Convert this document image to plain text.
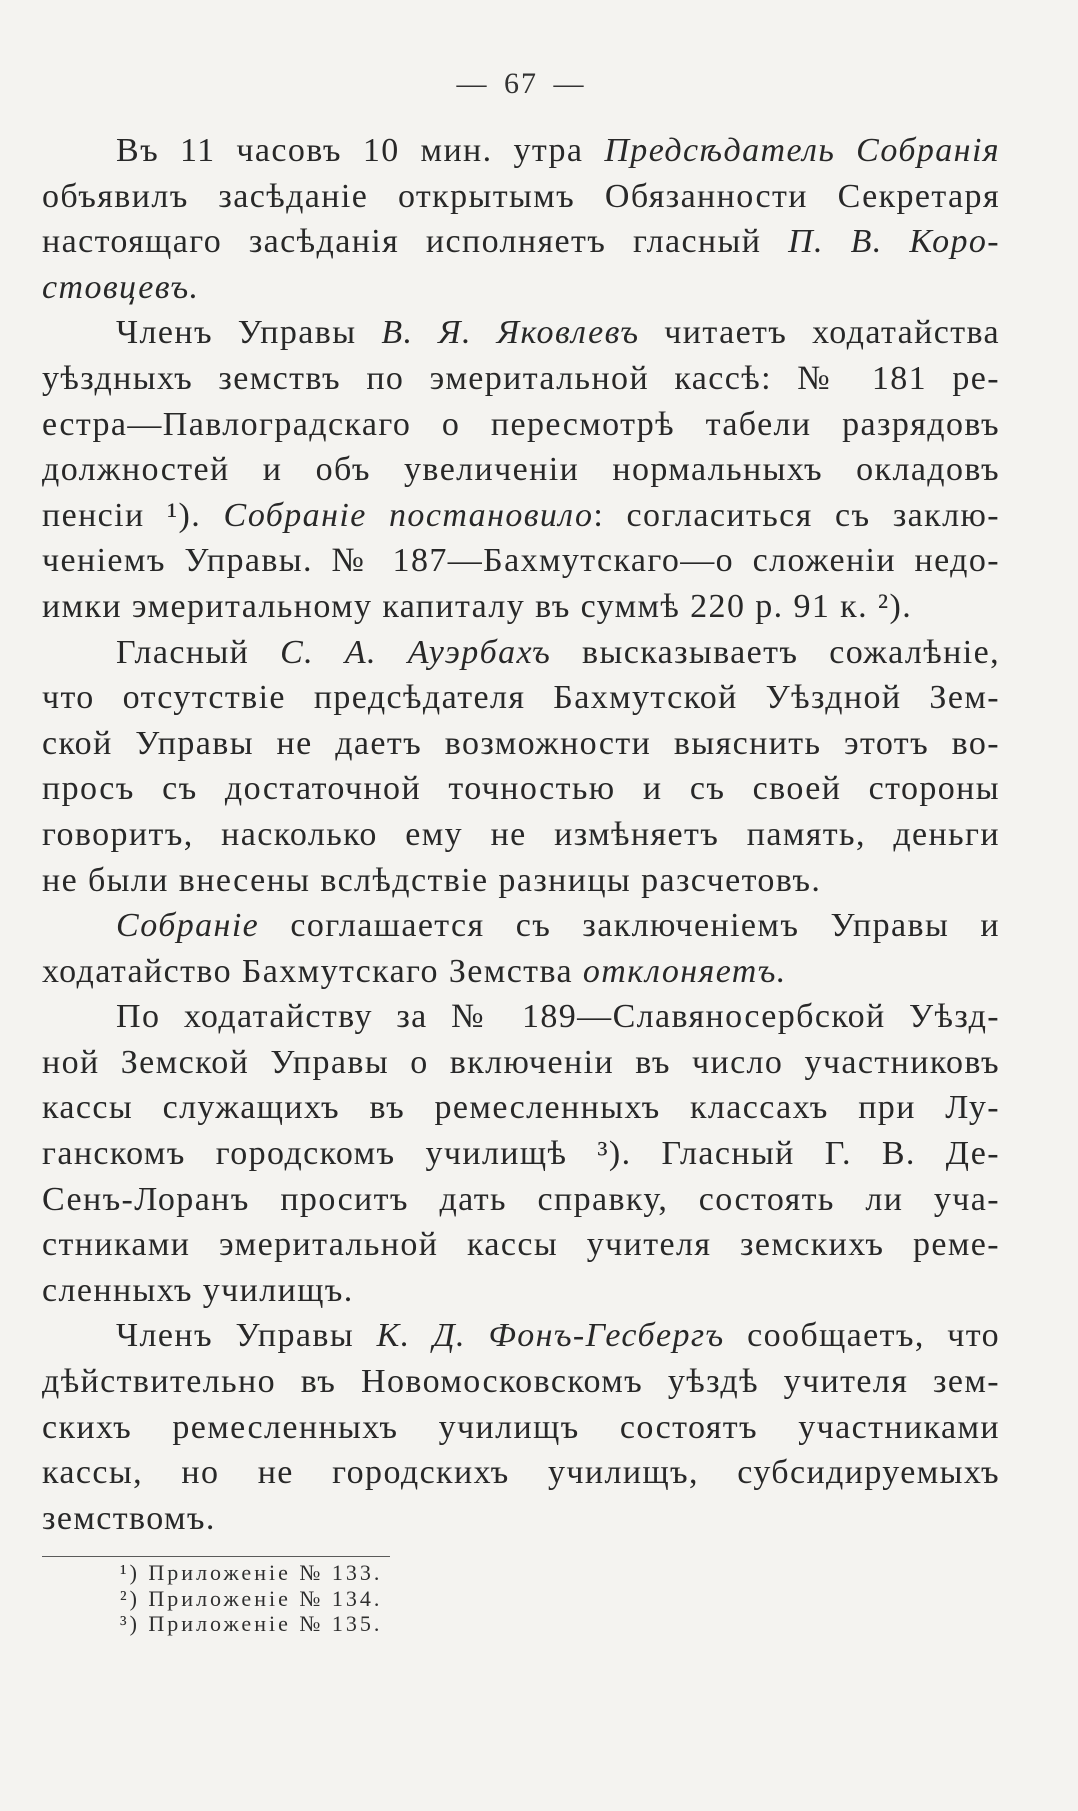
— 67 —
Въ 11 часовъ 10 мин. утра Предсѣдатель Собранія
объявилъ засѣданіе открытымъ Обязанности Секретаря
настоящаго засѣданія исполняетъ гласный П. В. Коро-
стовцевъ.
Членъ Управы В. Я. Яковлевъ читаетъ ходатайства
уѣздныхъ земствъ по эмеритальной кассѣ: № 181 ре-
естра—Павлоградскаго о пересмотрѣ табели разрядовъ
должностей и объ увеличеніи нормальныхъ окладовъ
пенсіи ¹). Собраніе постановило: согласиться съ заклю-
ченіемъ Управы. № 187—Бахмутскаго—о сложеніи недо-
имки эмеритальному капиталу въ суммѣ 220 р. 91 к. ²).
Гласный С. А. Ауэрбахъ высказываетъ сожалѣніе,
что отсутствіе предсѣдателя Бахмутской Уѣздной Зем-
ской Управы не даетъ возможности выяснить этотъ во-
просъ съ достаточной точностью и съ своей стороны
говоритъ, насколько ему не измѣняетъ память, деньги
не были внесены вслѣдствіе разницы разсчетовъ.
Собраніе соглашается съ заключеніемъ Управы и
ходатайство Бахмутскаго Земства отклоняетъ.
По ходатайству за № 189—Славяносербской Уѣзд-
ной Земской Управы о включеніи въ число участниковъ
кассы служащихъ въ ремесленныхъ классахъ при Лу-
ганскомъ городскомъ училищѣ ³). Гласный Г. В. Де-
Сенъ-Лоранъ проситъ дать справку, состоять ли уча-
стниками эмеритальной кассы учителя земскихъ реме-
сленныхъ училищъ.
Членъ Управы К. Д. Фонъ-Гесбергъ сообщаетъ, что
дѣйствительно въ Новомосковскомъ уѣздѣ учителя зем-
скихъ ремесленныхъ училищъ состоятъ участниками
кассы, но не городскихъ училищъ, субсидируемыхъ
земствомъ.
¹) Приложеніе № 133.
²) Приложеніе № 134.
³) Приложеніе № 135.
